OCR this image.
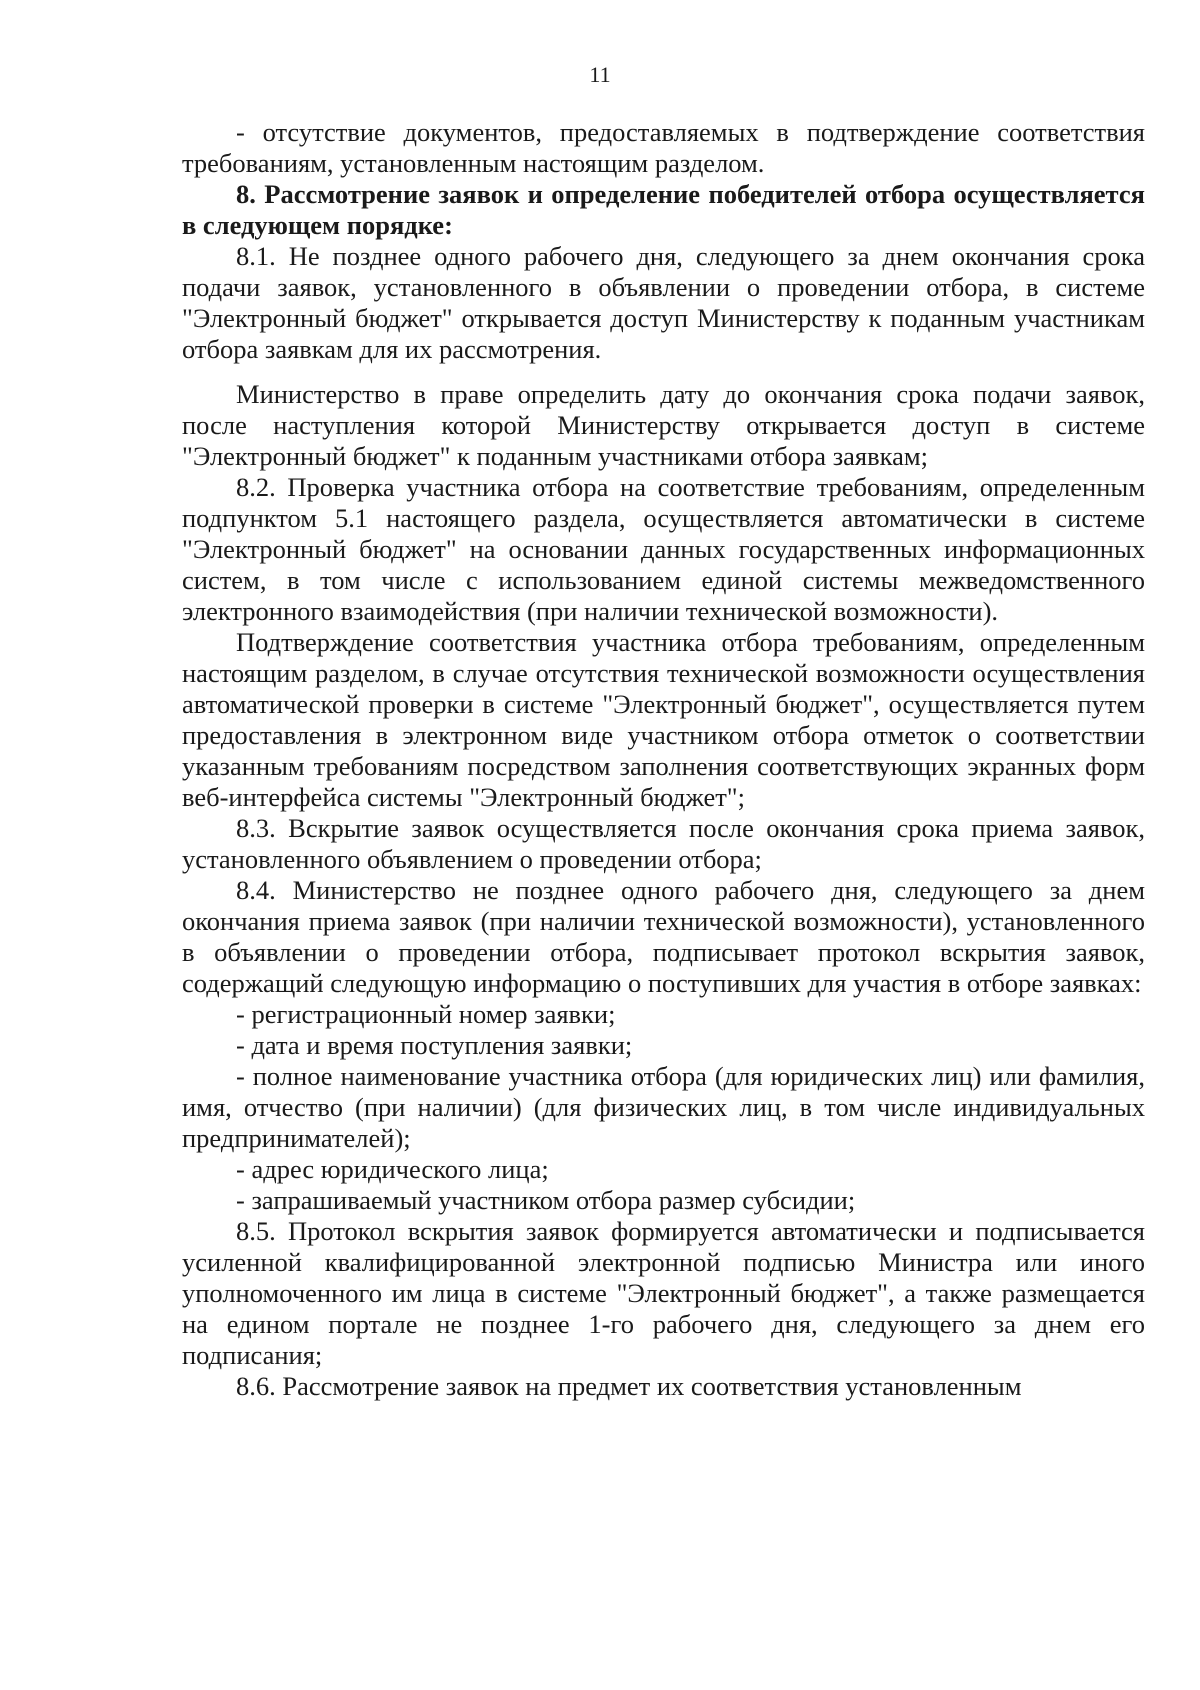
11

- отсутствие документов, предоставляемых в подтверждение соответствия требованиям, установленным настоящим разделом.

8. Рассмотрение заявок и определение победителей отбора осуществляется в следующем порядке:

8.1. Не позднее одного рабочего дня, следующего за днем окончания срока подачи заявок, установленного в объявлении о проведении отбора, в системе "Электронный бюджет" открывается доступ Министерству к поданным участникам отбора заявкам для их рассмотрения.

Министерство в праве определить дату до окончания срока подачи заявок, после наступления которой Министерству открывается доступ в системе "Электронный бюджет" к поданным участниками отбора заявкам;

8.2. Проверка участника отбора на соответствие требованиям, определенным подпунктом 5.1 настоящего раздела, осуществляется автоматически в системе "Электронный бюджет" на основании данных государственных информационных систем, в том числе с использованием единой системы межведомственного электронного взаимодействия (при наличии технической возможности).

Подтверждение соответствия участника отбора требованиям, определенным настоящим разделом, в случае отсутствия технической возможности осуществления автоматической проверки в системе "Электронный бюджет", осуществляется путем предоставления в электронном виде участником отбора отметок о соответствии указанным требованиям посредством заполнения соответствующих экранных форм веб-интерфейса системы "Электронный бюджет";

8.3. Вскрытие заявок осуществляется после окончания срока приема заявок, установленного объявлением о проведении отбора;

8.4. Министерство не позднее одного рабочего дня, следующего за днем окончания приема заявок (при наличии технической возможности), установленного в объявлении о проведении отбора, подписывает протокол вскрытия заявок, содержащий следующую информацию о поступивших для участия в отборе заявках:

- регистрационный номер заявки;

- дата и время поступления заявки;

- полное наименование участника отбора (для юридических лиц) или фамилия, имя, отчество (при наличии) (для физических лиц, в том числе индивидуальных предпринимателей);

- адрес юридического лица;

- запрашиваемый участником отбора размер субсидии;

8.5. Протокол вскрытия заявок формируется автоматически и подписывается усиленной квалифицированной электронной подписью Министра или иного уполномоченного им лица в системе "Электронный бюджет", а также размещается на едином портале не позднее 1-го рабочего дня, следующего за днем его подписания;

8.6. Рассмотрение заявок на предмет их соответствия установленным
